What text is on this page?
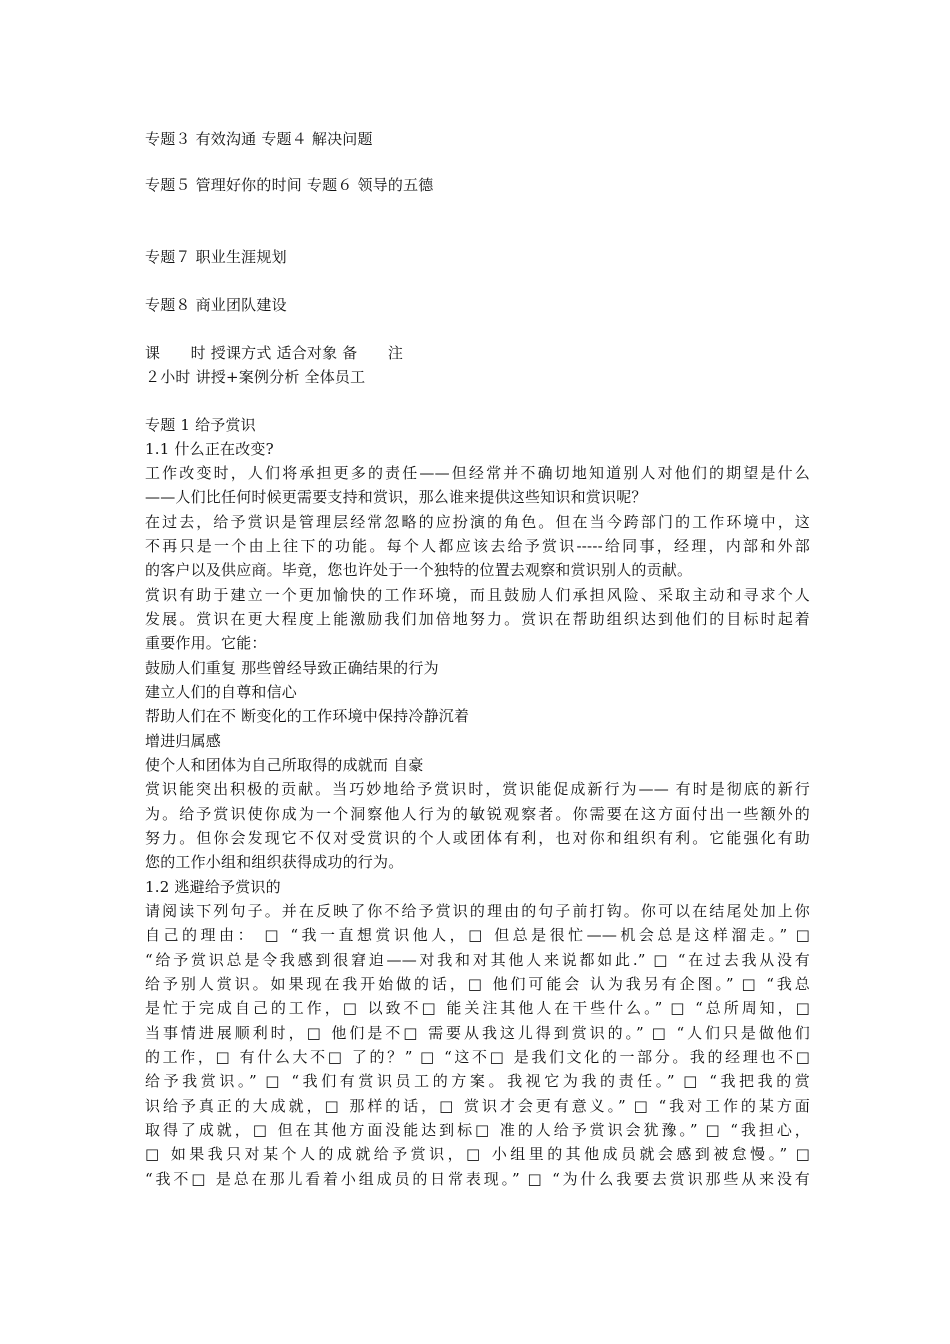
专题３ 有效沟通 专题４ 解决问题
专题５ 管理好你的时间 专题６ 领导的五德
专题７ 职业生涯规划
专题８ 商业团队建设
课　　时 授课方式 适合对象 备　　注
２小时 讲授+案例分析 全体员工
专题 1 给予赏识
1.1 什么正在改变?
工作改变时，人们将承担更多的责任——但经常并不确切地知道别人对他们的期望是什么
——人们比任何时候更需要支持和赏识，那么谁来提供这些知识和赏识呢？
在过去，给予赏识是管理层经常忽略的应扮演的角色。但在当今跨部门的工作环境中，这
不再只是一个由上往下的功能。每个人都应该去给予赏识-----给同事，经理，内部和外部
的客户以及供应商。毕竟，您也许处于一个独特的位置去观察和赏识别人的贡献。
赏识有助于建立一个更加愉快的工作环境，而且鼓励人们承担风险、采取主动和寻求个人
发展。赏识在更大程度上能激励我们加倍地努力。赏识在帮助组织达到他们的目标时起着
重要作用。它能：
鼓励人们重复 那些曾经导致正确结果的行为
建立人们的自尊和信心
帮助人们在不 断变化的工作环境中保持冷静沉着
增进归属感
使个人和团体为自己所取得的成就而 自豪
赏识能突出积极的贡献。当巧妙地给予赏识时，赏识能促成新行为—— 有时是彻底的新行
为。给予赏识使你成为一个洞察他人行为的敏锐观察者。你需要在这方面付出一些额外的
努力。但你会发现它不仅对受赏识的个人或团体有利，也对你和组织有利。它能强化有助
您的工作小组和组织获得成功的行为。
1.2 逃避给予赏识的
请阅读下列句子。并在反映了你不给予赏识的理由的句子前打钩。你可以在结尾处加上你
自己的理由： □ “我一直想赏识他人，□ 但总是很忙——机会总是这样溜走。” □
“给予赏识总是令我感到很窘迫——对我和对其他人来说都如此.” □ “在过去我从没有
给予别人赏识。如果现在我开始做的话，□ 他们可能会 认为我另有企图。” □ “我总
是忙于完成自己的工作，□ 以致不□ 能关注其他人在干些什么。” □ “总所周知，□
当事情进展顺利时，□ 他们是不□ 需要从我这儿得到赏识的。” □ “人们只是做他们
的工作，□ 有什么大不□ 了的？” □ “这不□ 是我们文化的一部分。我的经理也不□
给予我赏识。” □ “我们有赏识员工的方案。我视它为我的责任。” □ “我把我的赏
识给予真正的大成就，□ 那样的话，□ 赏识才会更有意义。” □ “我对工作的某方面
取得了成就，□ 但在其他方面没能达到标□ 准的人给予赏识会犹豫。” □ “我担心，
□ 如果我只对某个人的成就给予赏识，□ 小组里的其他成员就会感到被怠慢。” □
“我不□ 是总在那儿看着小组成员的日常表现。” □ “为什么我要去赏识那些从来没有
